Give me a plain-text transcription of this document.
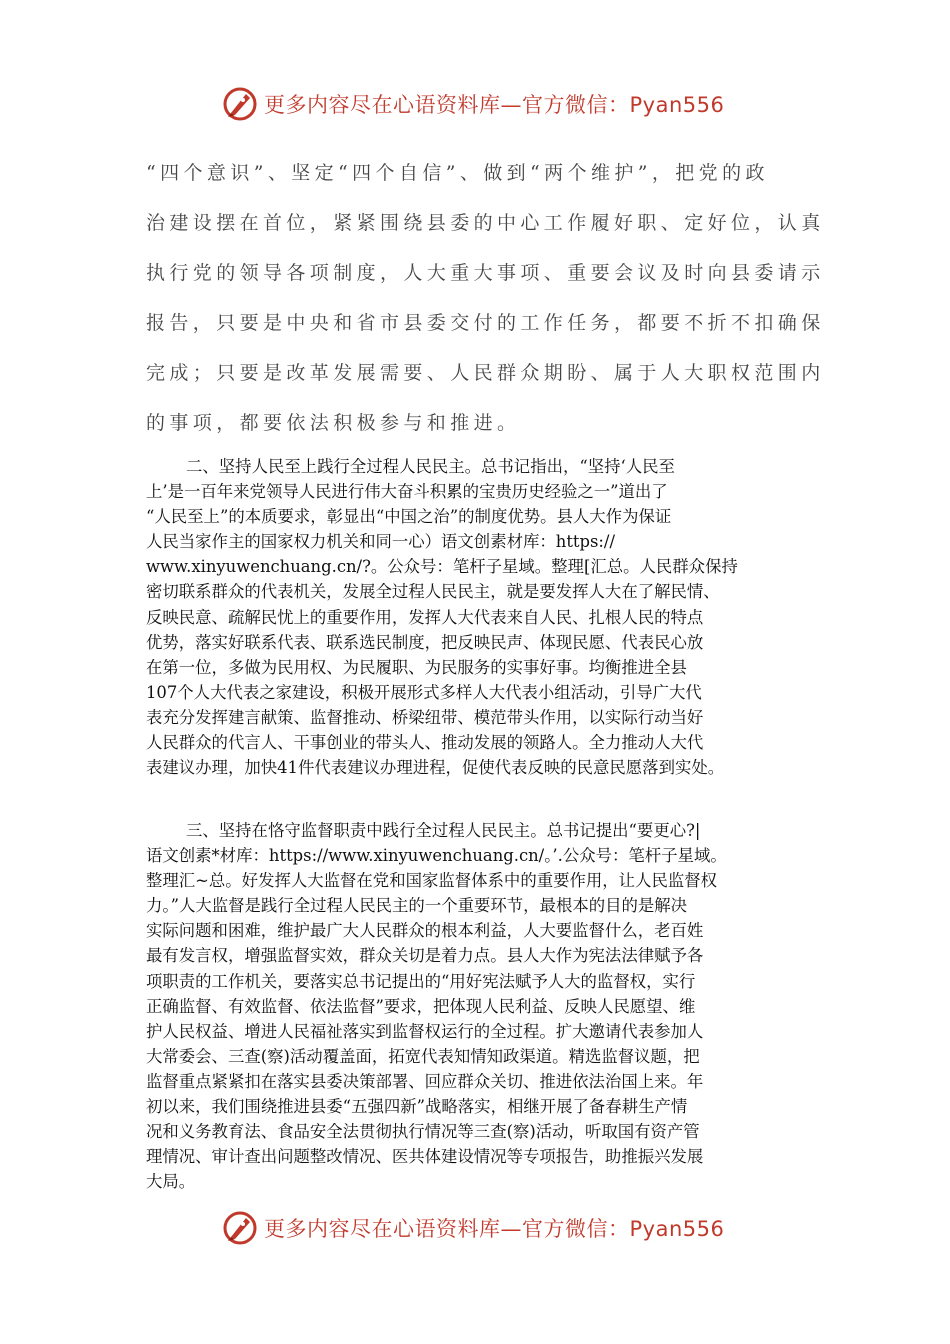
更多内容尽在心语资料库—官方微信：Pyan556

“四个意识”、坚定“四个自信”、做到“两个维护”，把党的政

治建设摆在首位，紧紧围绕县委的中心工作履好职、定好位，认真

执行党的领导各项制度，人大重大事项、重要会议及时向县委请示

报告，只要是中央和省市县委交付的工作任务，都要不折不扣确保

完成；只要是改革发展需要、人民群众期盼、属于人大职权范围内

的事项，都要依法积极参与和推进。

二、坚持人民至上践行全过程人民民主。总书记指出，“坚持‘人民至

上’是一百年来党领导人民进行伟大奋斗积累的宝贵历史经验之一”道出了

“人民至上”的本质要求，彰显出“中国之治”的制度优势。县人大作为保证

人民当家作主的国家权力机关和同一心）语文创素材库：https://

www.xinyuwenchuang.cn/?。公众号：笔杆子星域。整理[汇总。人民群众保持

密切联系群众的代表机关，发展全过程人民民主，就是要发挥人大在了解民情、

反映民意、疏解民忧上的重要作用，发挥人大代表来自人民、扎根人民的特点

优势，落实好联系代表、联系选民制度，把反映民声、体现民愿、代表民心放

在第一位，多做为民用权、为民履职、为民服务的实事好事。均衡推进全县

107个人大代表之家建设，积极开展形式多样人大代表小组活动，引导广大代

表充分发挥建言献策、监督推动、桥梁纽带、模范带头作用，以实际行动当好

人民群众的代言人、干事创业的带头人、推动发展的领路人。全力推动人大代

表建议办理，加快41件代表建议办理进程，促使代表反映的民意民愿落到实处。

三、坚持在恪守监督职责中践行全过程人民民主。总书记提出“要更心?|

语文创素*材库：https://www.xinyuwenchuang.cn/。’.公众号：笔杆子星域。

整理汇~总。好发挥人大监督在党和国家监督体系中的重要作用，让人民监督权

力。”人大监督是践行全过程人民民主的一个重要环节，最根本的目的是解决

实际问题和困难，维护最广大人民群众的根本利益，人大要监督什么，老百姓

最有发言权，增强监督实效，群众关切是着力点。县人大作为宪法法律赋予各

项职责的工作机关，要落实总书记提出的“用好宪法赋予人大的监督权，实行

正确监督、有效监督、依法监督”要求，把体现人民利益、反映人民愿望、维

护人民权益、增进人民福祉落实到监督权运行的全过程。扩大邀请代表参加人

大常委会、三查(察)活动覆盖面，拓宽代表知情知政渠道。精选监督议题，把

监督重点紧紧扣在落实县委决策部署、回应群众关切、推进依法治国上来。年

初以来，我们围绕推进县委“五强四新”战略落实，相继开展了备春耕生产情

况和义务教育法、食品安全法贯彻执行情况等三查(察)活动，听取国有资产管

理情况、审计查出问题整改情况、医共体建设情况等专项报告，助推振兴发展

大局。

更多内容尽在心语资料库—官方微信：Pyan556
